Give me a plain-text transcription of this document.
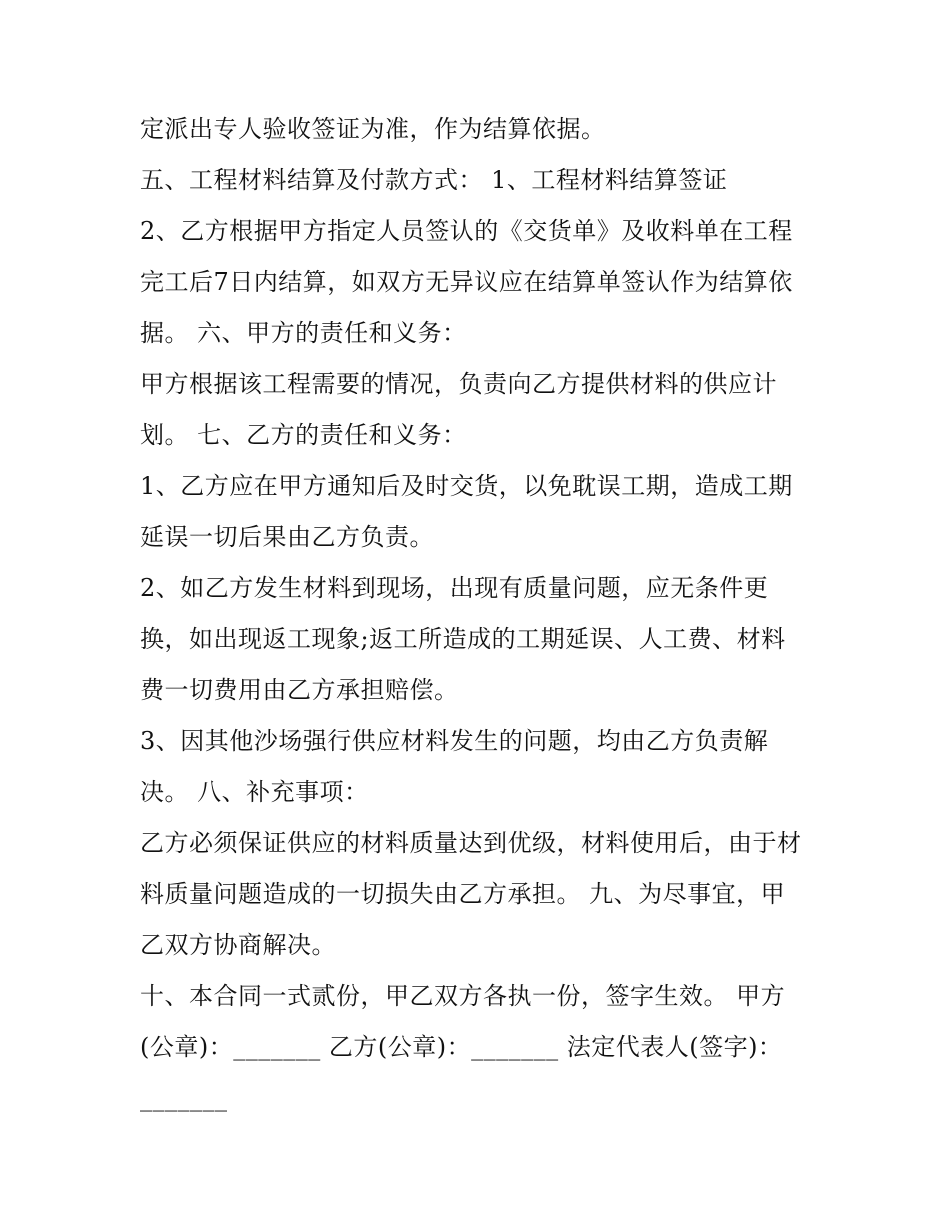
定派出专人验收签证为准，作为结算依据。
五、工程材料结算及付款方式： 1、工程材料结算签证
2、乙方根据甲方指定人员签认的《交货单》及收料单在工程
完工后7日内结算，如双方无异议应在结算单签认作为结算依
据。 六、甲方的责任和义务：
甲方根据该工程需要的情况，负责向乙方提供材料的供应计
划。 七、乙方的责任和义务：
1、乙方应在甲方通知后及时交货，以免耽误工期，造成工期
延误一切后果由乙方负责。
2、如乙方发生材料到现场，出现有质量问题，应无条件更
换，如出现返工现象;返工所造成的工期延误、人工费、材料
费一切费用由乙方承担赔偿。
3、因其他沙场强行供应材料发生的问题，均由乙方负责解
决。 八、补充事项：
乙方必须保证供应的材料质量达到优级，材料使用后，由于材
料质量问题造成的一切损失由乙方承担。 九、为尽事宜，甲
乙双方协商解决。
十、本合同一式贰份，甲乙双方各执一份，签字生效。 甲方
(公章)：_______ 乙方(公章)：_______ 法定代表人(签字)：
_______
